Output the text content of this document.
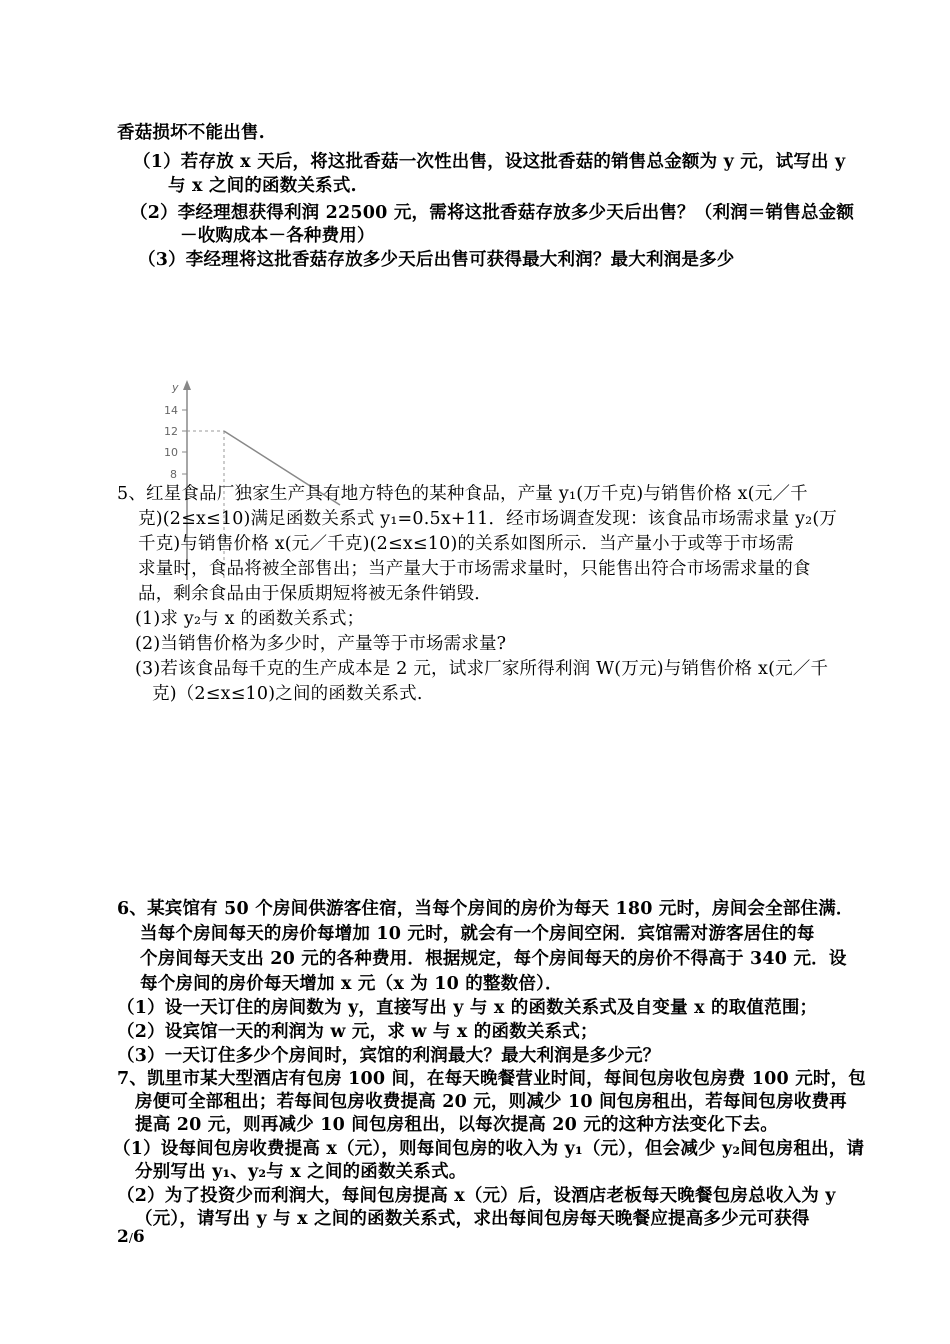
香菇损坏不能出售.
（1）若存放 x 天后，将这批香菇一次性出售，设这批香菇的销售总金额为 y 元，试写出 y
与 x 之间的函数关系式.
（2）李经理想获得利润 22500 元，需将这批香菇存放多少天后出售？（利润＝销售总金额
－收购成本－各种费用）
（3）李经理将这批香菇存放多少天后出售可获得最大利润？最大利润是多少
y
14
12
10
8
5、红星食品厂独家生产具有地方特色的某种食品，产量 y₁(万千克)与销售价格 x(元／千
克)(2≤x≤10)满足函数关系式 y₁=0.5x+11．经市场调查发现：该食品市场需求量 y₂(万
千克)与销售价格 x(元／千克)(2≤x≤10)的关系如图所示．当产量小于或等于市场需
求量时，食品将被全部售出；当产量大于市场需求量时，只能售出符合市场需求量的食
品，剩余食品由于保质期短将被无条件销毁．
(1)求 y₂与 x 的函数关系式；
(2)当销售价格为多少时，产量等于市场需求量?
(3)若该食品每千克的生产成本是 2 元，试求厂家所得利润 W(万元)与销售价格 x(元／千
克)（2≤x≤10)之间的函数关系式.
6、某宾馆有 50 个房间供游客住宿，当每个房间的房价为每天 180 元时，房间会全部住满．
当每个房间每天的房价每增加 10 元时，就会有一个房间空闲．宾馆需对游客居住的每
个房间每天支出 20 元的各种费用．根据规定，每个房间每天的房价不得高于 340 元．设
每个房间的房价每天增加 x 元（x 为 10 的整数倍）．
（1）设一天订住的房间数为 y，直接写出 y 与 x 的函数关系式及自变量 x 的取值范围；
（2）设宾馆一天的利润为 w 元，求 w 与 x 的函数关系式；
（3）一天订住多少个房间时，宾馆的利润最大？最大利润是多少元？
7、凯里市某大型酒店有包房 100 间，在每天晚餐营业时间，每间包房收包房费 100 元时，包
房便可全部租出；若每间包房收费提高 20 元，则减少 10 间包房租出，若每间包房收费再
提高 20 元，则再减少 10 间包房租出，以每次提高 20 元的这种方法变化下去。
（1）设每间包房收费提高 x（元），则每间包房的收入为 y₁（元），但会减少 y₂间包房租出，请
分别写出 y₁、y₂与 x 之间的函数关系式。
（2）为了投资少而利润大，每间包房提高 x（元）后，设酒店老板每天晚餐包房总收入为 y
（元），请写出 y 与 x 之间的函数关系式，求出每间包房每天晚餐应提高多少元可获得
2/6
